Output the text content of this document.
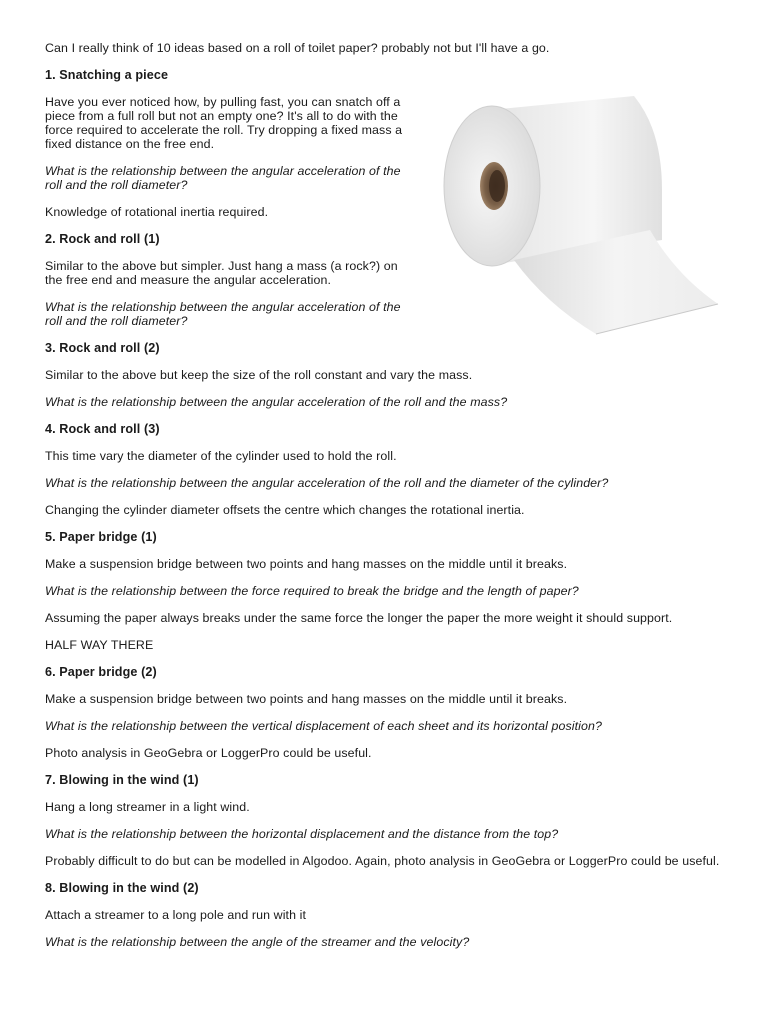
Can I really think of 10 ideas based on a roll of toilet paper? probably not but I'll have a go.

1. Snatching a piece

Have you ever noticed how, by pulling fast, you can snatch off a piece from a full roll but not an empty one? It's all to do with the force required to accelerate the roll. Try dropping a fixed mass a fixed distance on the free end.

What is the relationship between the angular acceleration of the roll and the roll diameter?

Knowledge of rotational inertia required.

2. Rock and roll (1)

Similar to the above but simpler. Just hang a mass (a rock?) on the free end and measure the angular acceleration.

What is the relationship between the angular acceleration of the roll and the roll diameter?

3. Rock and roll (2)

Similar to the above but keep the size of the roll constant and vary the mass.

What is the relationship between the angular acceleration of the roll and the mass?

4. Rock and roll (3)

This time vary the diameter of the cylinder used to hold the roll.

What is the relationship between the angular acceleration of the roll and the diameter of the cylinder?

Changing the cylinder diameter offsets the centre which changes the rotational inertia.

5. Paper bridge (1)

Make a suspension bridge between two points and hang masses on the middle until it breaks.

What is the relationship between the force required to break the bridge and the length of paper?

Assuming the paper always breaks under the same force the longer the paper the more weight it should support.

HALF WAY THERE

6. Paper bridge (2)

Make a suspension bridge between two points and hang masses on the middle until it breaks.

What is the relationship between the vertical displacement of each sheet and its horizontal position?

Photo analysis in GeoGebra or LoggerPro could be useful.

7. Blowing in the wind (1)

Hang a long streamer in a light wind.

What is the relationship between the horizontal displacement and the distance from the top?

Probably difficult to do but can be modelled in Algodoo. Again, photo analysis in GeoGebra or LoggerPro could be useful.

8. Blowing in the wind (2)

Attach a streamer to a long pole and run with it

What is the relationship between the angle of the streamer and the velocity?
